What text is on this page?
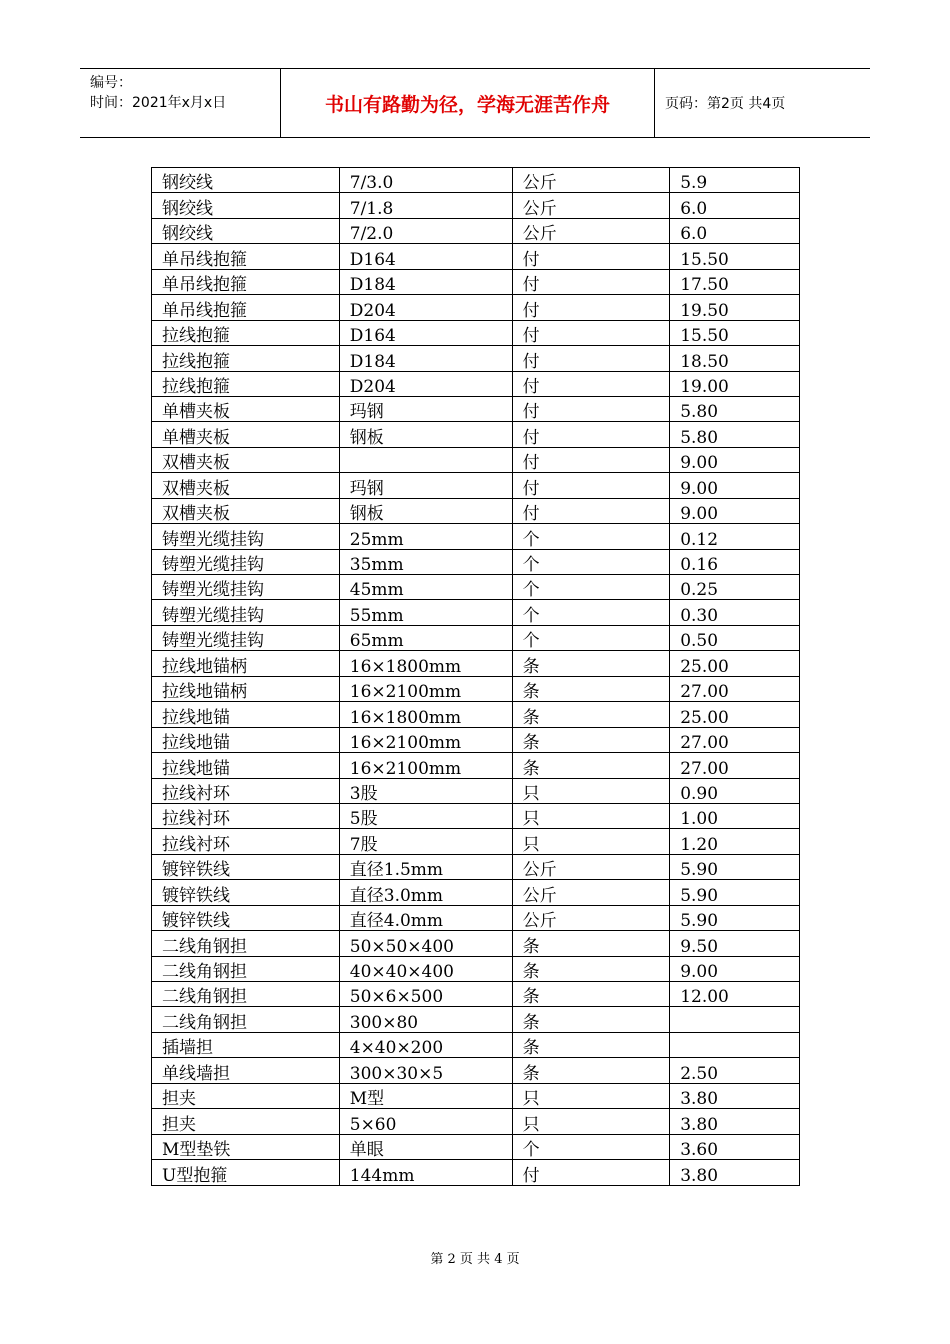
编号：
时间：2021年x月x日	书山有路勤为径，学海无涯苦作舟	页码：第2页 共4页
钢绞线	7/3.0	公斤	5.9
钢绞线	7/1.8	公斤	6.0
钢绞线	7/2.0	公斤	6.0
单吊线抱箍	D164	付	15.50
单吊线抱箍	D184	付	17.50
单吊线抱箍	D204	付	19.50
拉线抱箍	D164	付	15.50
拉线抱箍	D184	付	18.50
拉线抱箍	D204	付	19.00
单槽夹板	玛钢	付	5.80
单槽夹板	钢板	付	5.80
双槽夹板		付	9.00
双槽夹板	玛钢	付	9.00
双槽夹板	钢板	付	9.00
铸塑光缆挂钩	25mm	个	0.12
铸塑光缆挂钩	35mm	个	0.16
铸塑光缆挂钩	45mm	个	0.25
铸塑光缆挂钩	55mm	个	0.30
铸塑光缆挂钩	65mm	个	0.50
拉线地锚柄	16×1800mm	条	25.00
拉线地锚柄	16×2100mm	条	27.00
拉线地锚	16×1800mm	条	25.00
拉线地锚	16×2100mm	条	27.00
拉线地锚	16×2100mm	条	27.00
拉线衬环	3股	只	0.90
拉线衬环	5股	只	1.00
拉线衬环	7股	只	1.20
镀锌铁线	直径1.5mm	公斤	5.90
镀锌铁线	直径3.0mm	公斤	5.90
镀锌铁线	直径4.0mm	公斤	5.90
二线角钢担	50×50×400	条	9.50
二线角钢担	40×40×400	条	9.00
二线角钢担	50×6×500	条	12.00
二线角钢担	300×80	条	
插墙担	4×40×200	条	
单线墙担	300×30×5	条	2.50
担夹	M型	只	3.80
担夹	5×60	只	3.80
M型垫铁	单眼	个	3.60
U型抱箍	144mm	付	3.80
第 2 页 共 4 页
